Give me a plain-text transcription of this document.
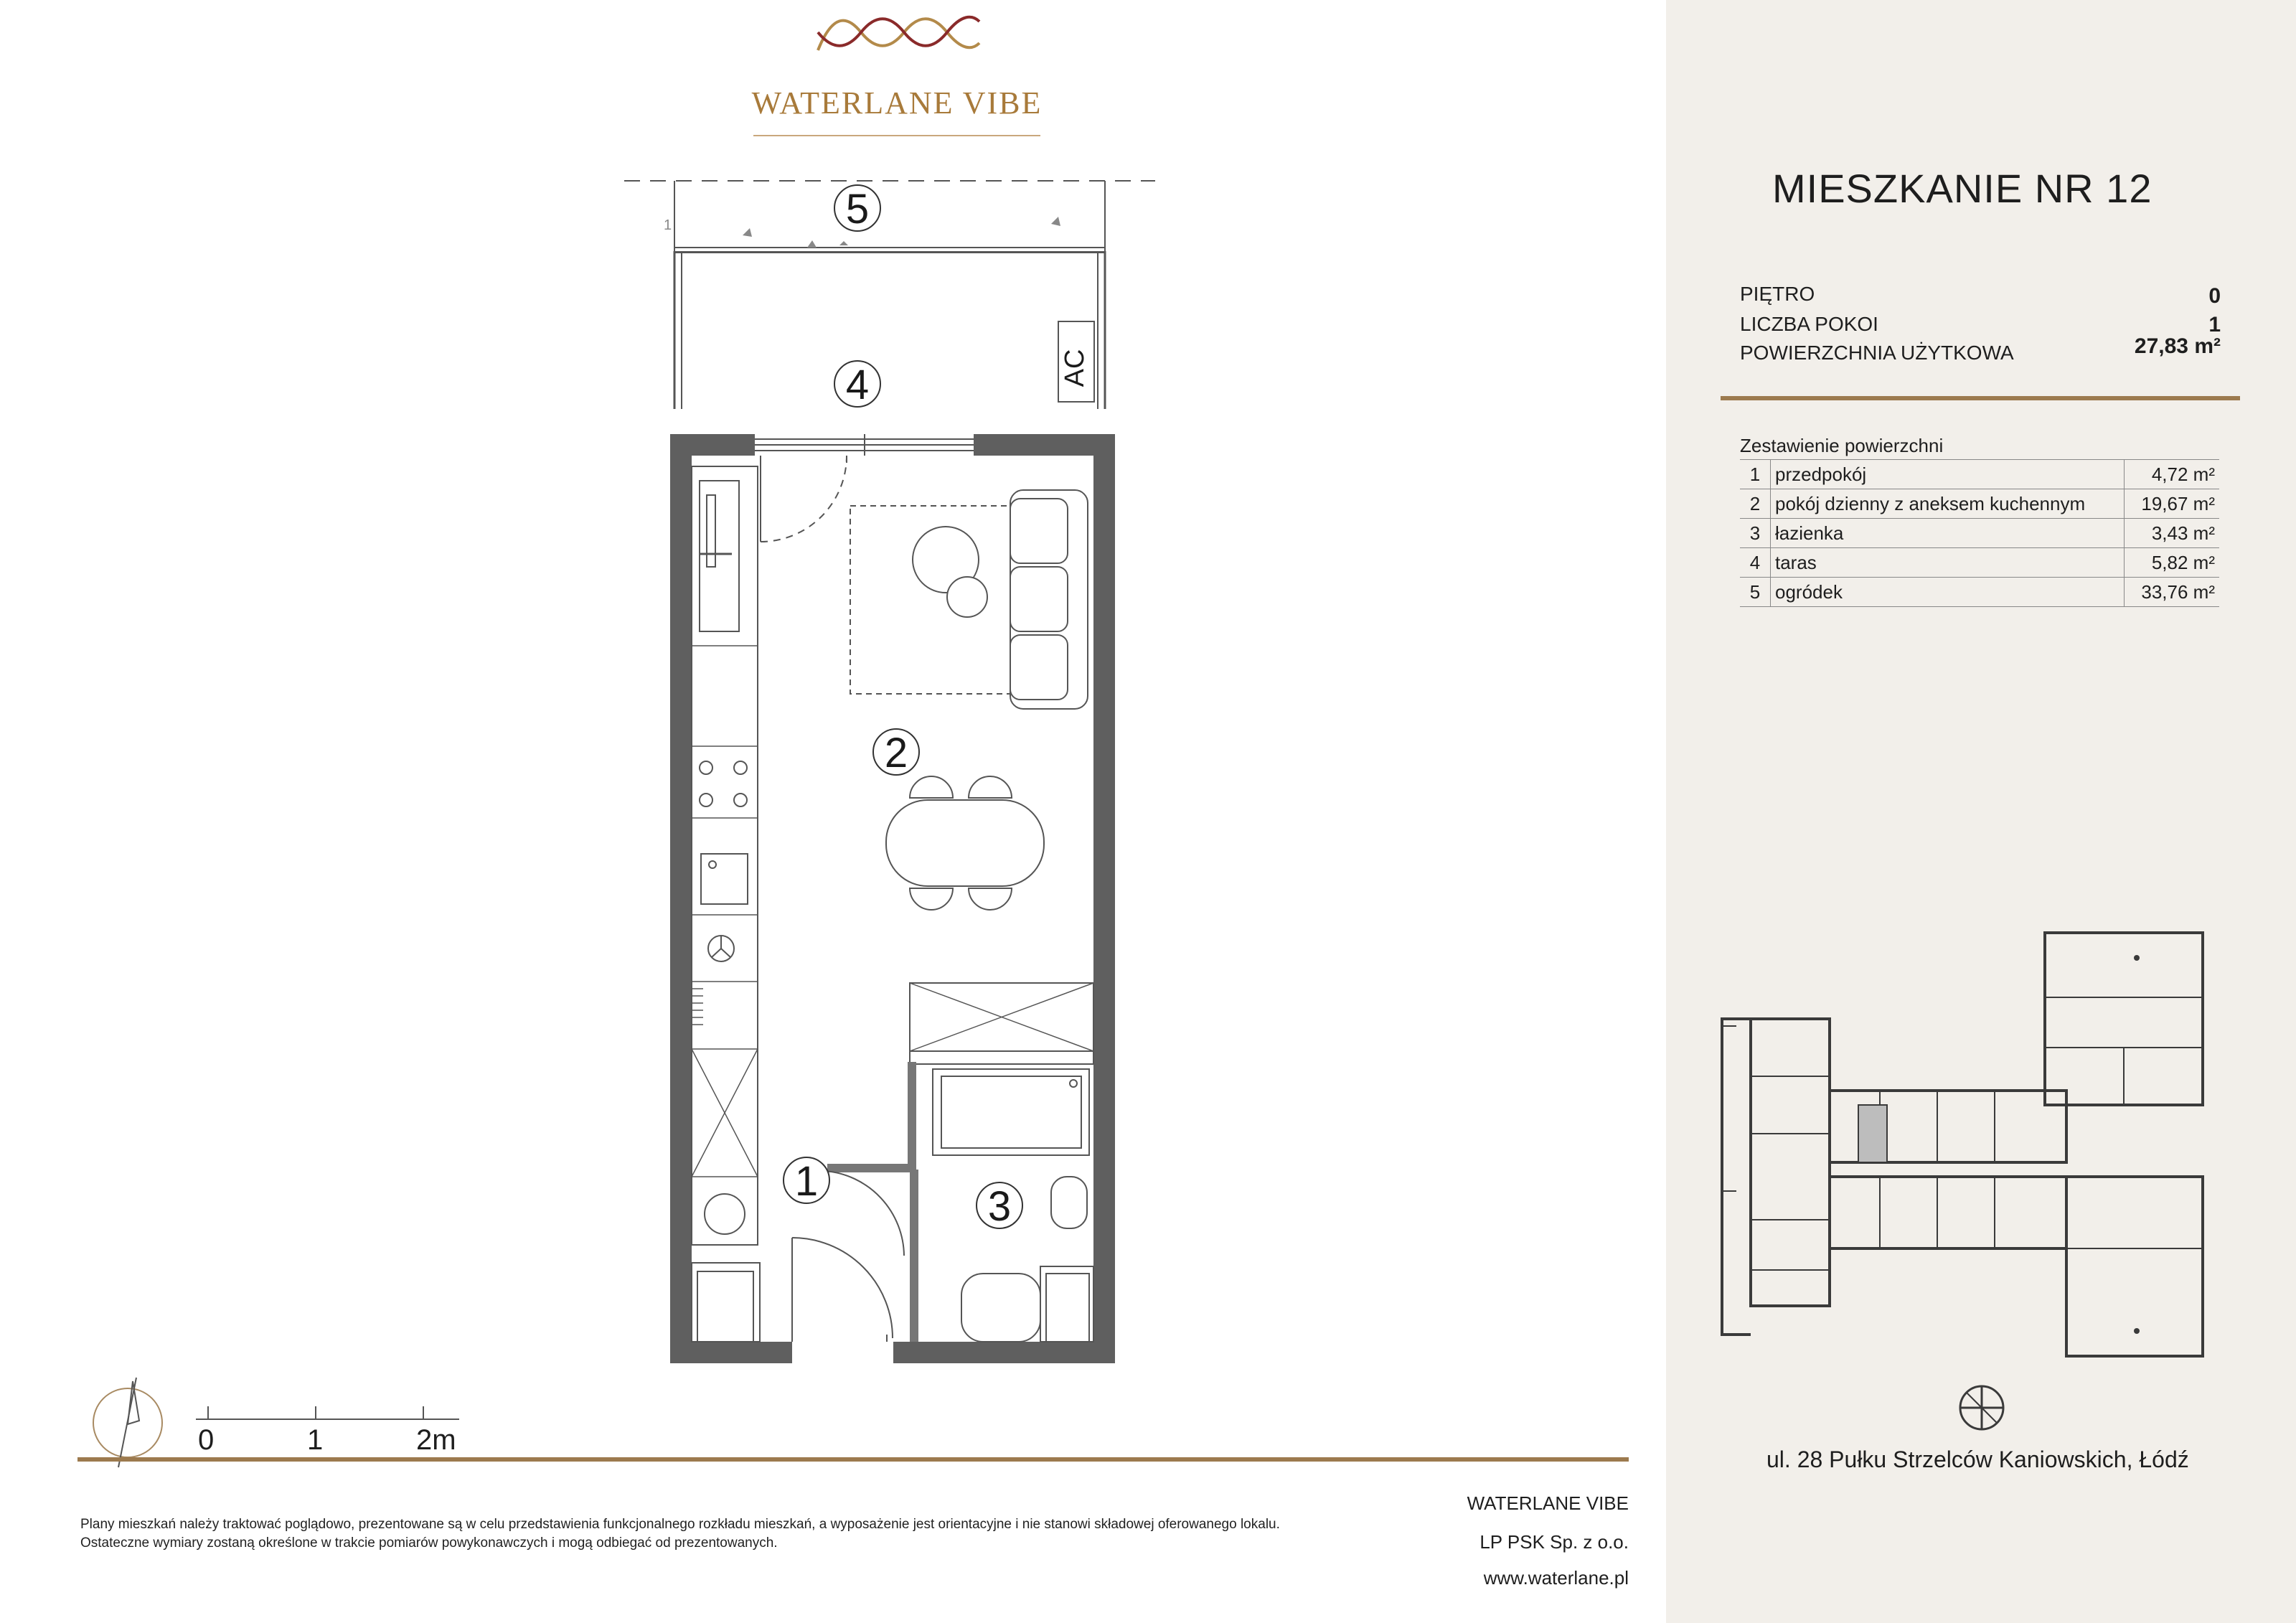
WATERLANE VIBE
1	5
4
2
1
3
AC
0	1	2m
MIESZKANIE NR 12
PIĘTRO	0
LICZBA POKOI	1
POWIERZCHNIA UŻYTKOWA	27,83 m²
Zestawienie powierzchni
1	przedpokój	4,72 m²
2	pokój dzienny z aneksem kuchennym	19,67 m²
3	łazienka	3,43 m²
4	taras	5,82 m²
5	ogródek	33,76 m²
ul. 28 Pułku Strzelców Kaniowskich, Łódź
Plany mieszkań należy traktować poglądowo, prezentowane są w celu przedstawienia funkcjonalnego rozkładu mieszkań, a wyposażenie jest orientacyjne i nie stanowi składowej oferowanego lokalu.
Ostateczne wymiary zostaną określone w trakcie pomiarów powykonawczych i mogą odbiegać od prezentowanych.
WATERLANE VIBE
LP PSK Sp. z o.o.
www.waterlane.pl
